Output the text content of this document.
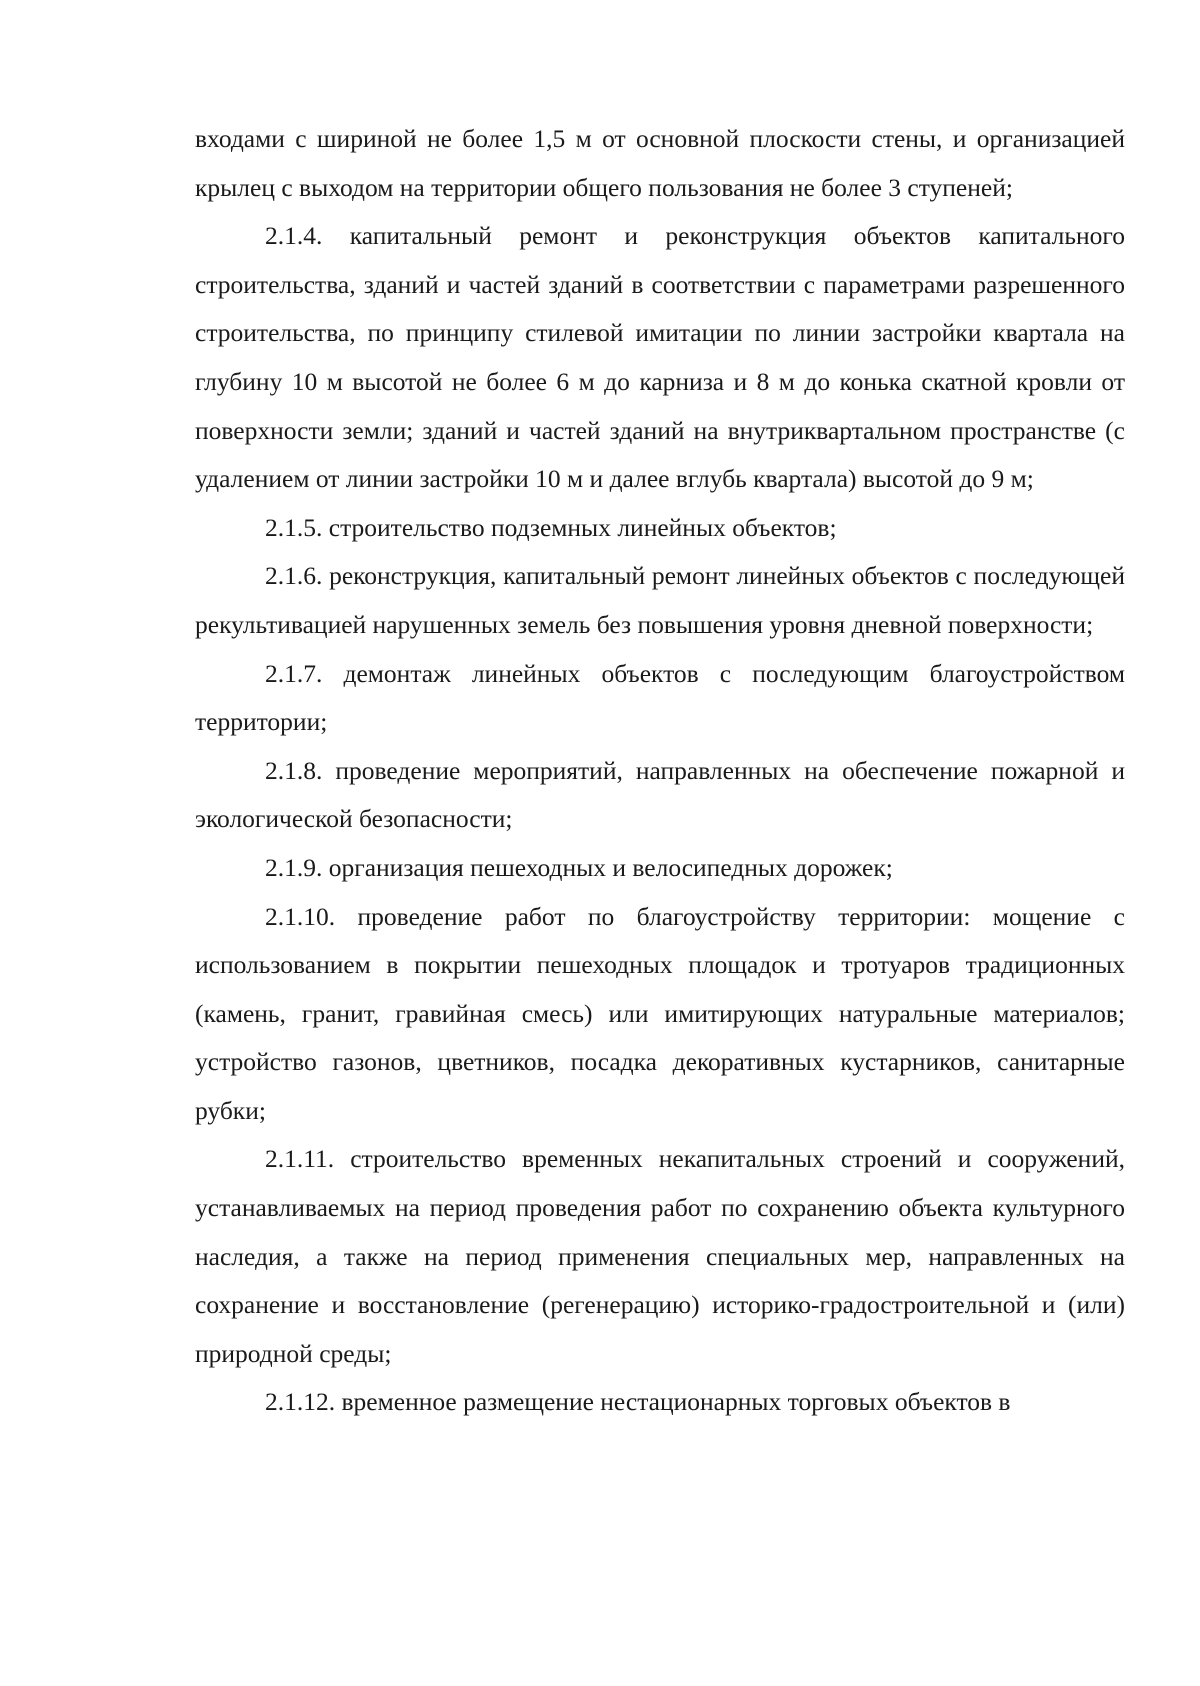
входами с шириной не более 1,5 м от основной плоскости стены, и организацией крылец с выходом на территории общего пользования не более 3 ступеней;

2.1.4. капитальный ремонт и реконструкция объектов капитального строительства, зданий и частей зданий в соответствии с параметрами разрешенного строительства, по принципу стилевой имитации по линии застройки квартала на глубину 10 м высотой не более 6 м до карниза и 8 м до конька скатной кровли от поверхности земли; зданий и частей зданий на внутриквартальном пространстве (с удалением от линии застройки 10 м и далее вглубь квартала) высотой до 9 м;

2.1.5. строительство подземных линейных объектов;

2.1.6. реконструкция, капитальный ремонт линейных объектов с последующей рекультивацией нарушенных земель без повышения уровня дневной поверхности;

2.1.7. демонтаж линейных объектов с последующим благоустройством территории;

2.1.8. проведение мероприятий, направленных на обеспечение пожарной и экологической безопасности;

2.1.9. организация пешеходных и велосипедных дорожек;

2.1.10. проведение работ по благоустройству территории: мощение с использованием в покрытии пешеходных площадок и тротуаров традиционных (камень, гранит, гравийная смесь) или имитирующих натуральные материалов; устройство газонов, цветников, посадка декоративных кустарников, санитарные рубки;

2.1.11. строительство временных некапитальных строений и сооружений, устанавливаемых на период проведения работ по сохранению объекта культурного наследия, а также на период применения специальных мер, направленных на сохранение и восстановление (регенерацию) историко-градостроительной и (или) природной среды;

2.1.12. временное размещение нестационарных торговых объектов в
